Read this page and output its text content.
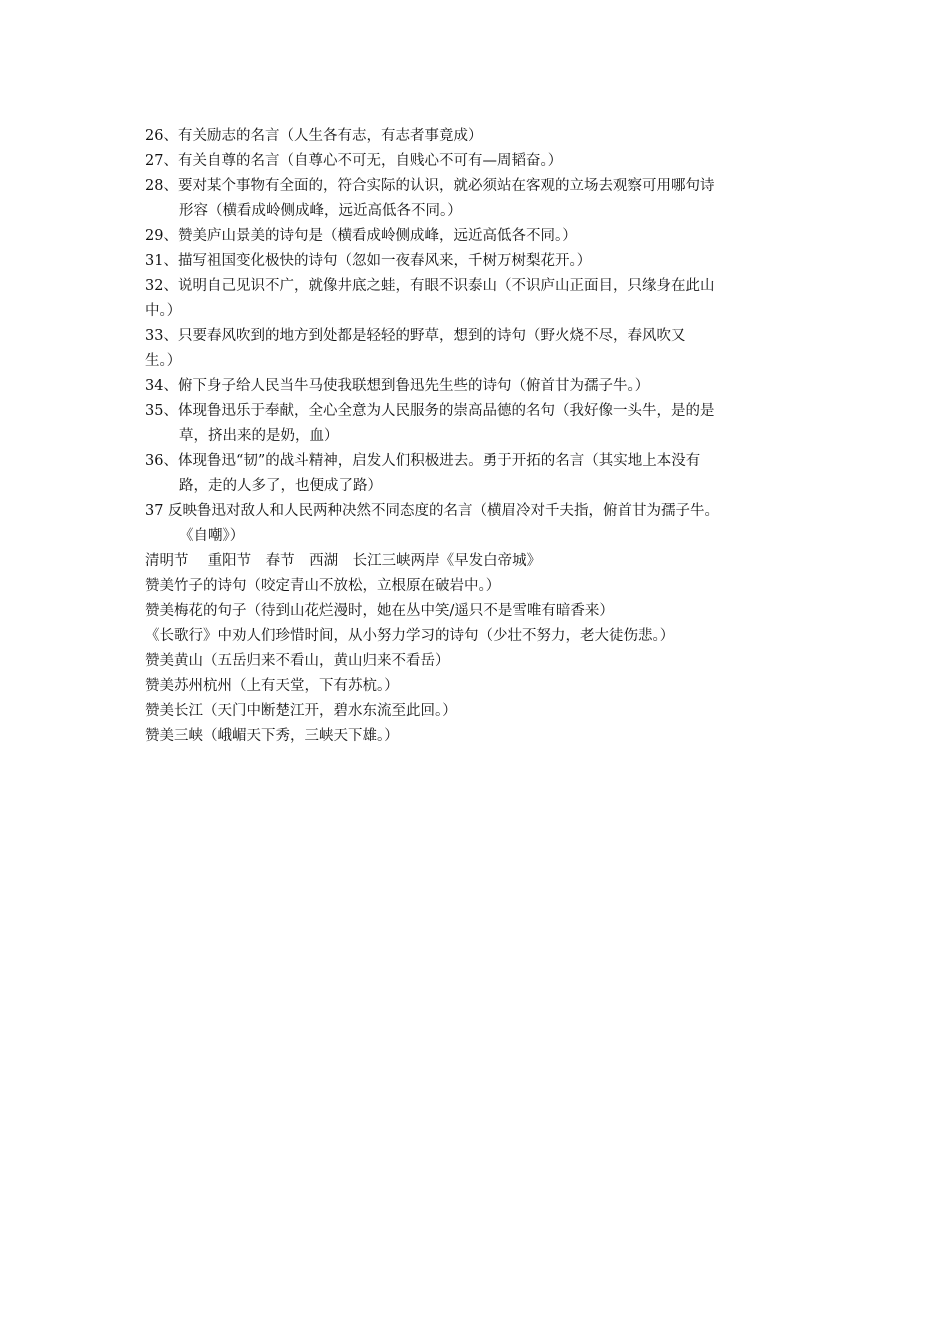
26、有关励志的名言（人生各有志，有志者事竟成）
27、有关自尊的名言（自尊心不可无，自贱心不可有—周韬奋。）
28、要对某个事物有全面的，符合实际的认识，就必须站在客观的立场去观察可用哪句诗
形容（横看成岭侧成峰，远近高低各不同。）
29、赞美庐山景美的诗句是（横看成岭侧成峰，远近高低各不同。）
31、描写祖国变化极快的诗句（忽如一夜春风来，千树万树梨花开。）
32、说明自己见识不广，就像井底之蛙，有眼不识泰山（不识庐山正面目，只缘身在此山
中。）
33、只要春风吹到的地方到处都是轻轻的野草，想到的诗句（野火烧不尽，春风吹又
生。）
34、俯下身子给人民当牛马使我联想到鲁迅先生些的诗句（俯首甘为孺子牛。）
35、体现鲁迅乐于奉献，全心全意为人民服务的崇高品德的名句（我好像一头牛，是的是
草，挤出来的是奶，血）
36、体现鲁迅“韧”的战斗精神，启发人们积极进去。勇于开拓的名言（其实地上本没有
路，走的人多了，也便成了路）
37 反映鲁迅对敌人和人民两种决然不同态度的名言（横眉冷对千夫指，俯首甘为孺子牛。
《自嘲》）
清明节　 重阳节　春节　西湖　长江三峡两岸《早发白帝城》
赞美竹子的诗句（咬定青山不放松，立根原在破岩中。）
赞美梅花的句子（待到山花烂漫时，她在丛中笑/遥只不是雪唯有暗香来）
《长歌行》中劝人们珍惜时间，从小努力学习的诗句（少壮不努力，老大徒伤悲。）
赞美黄山（五岳归来不看山，黄山归来不看岳）
赞美苏州杭州（上有天堂，下有苏杭。）
赞美长江（天门中断楚江开，碧水东流至此回。）
赞美三峡（峨嵋天下秀，三峡天下雄。）
